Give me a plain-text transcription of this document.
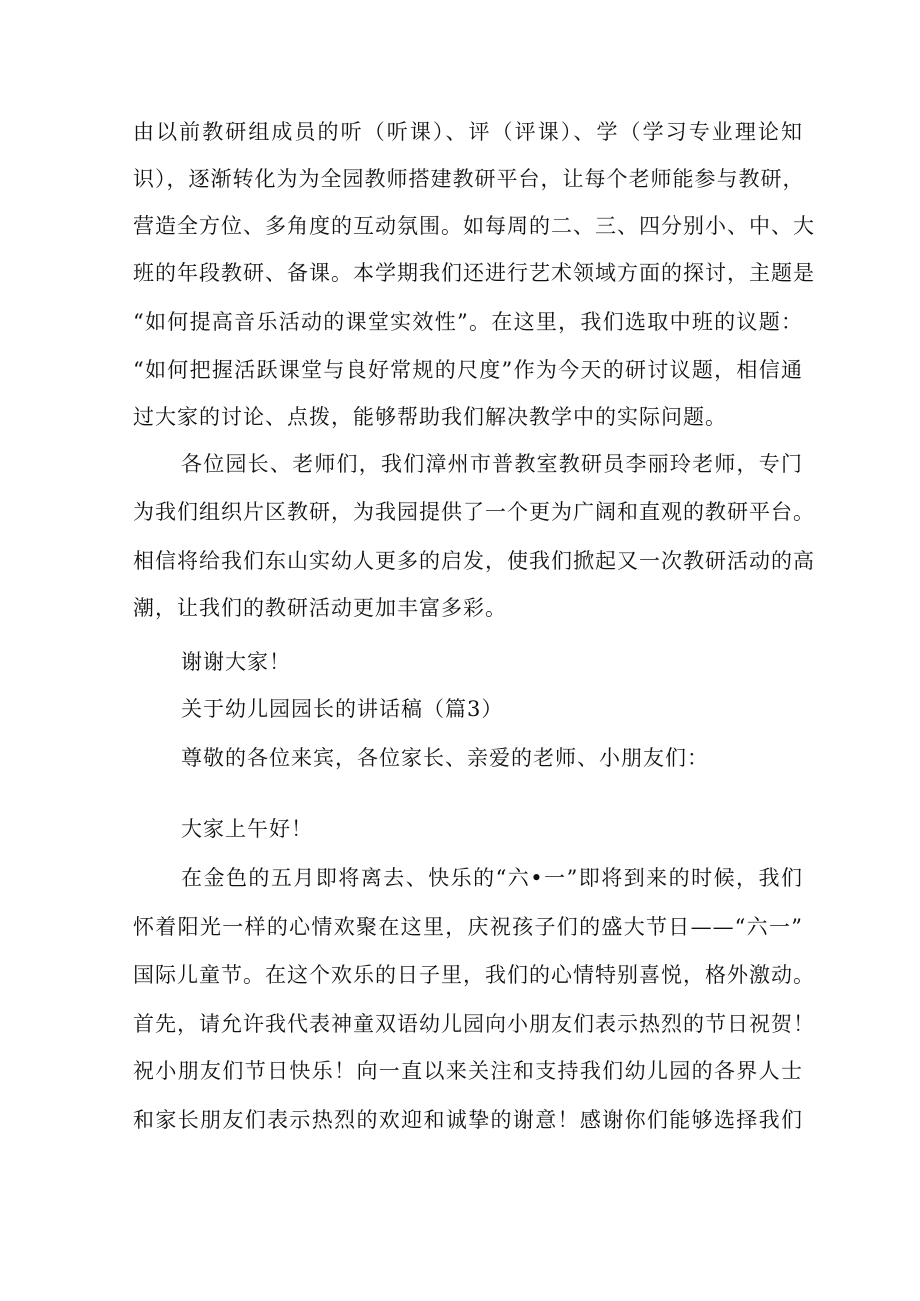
由以前教研组成员的听（听课）、评（评课）、学（学习专业理论知
识），逐渐转化为为全园教师搭建教研平台，让每个老师能参与教研，
营造全方位、多角度的互动氛围。如每周的二、三、四分别小、中、大
班的年段教研、备课。本学期我们还进行艺术领域方面的探讨，主题是
“如何提高音乐活动的课堂实效性”。在这里，我们选取中班的议题：
“如何把握活跃课堂与良好常规的尺度”作为今天的研讨议题，相信通
过大家的讨论、点拨，能够帮助我们解决教学中的实际问题。
各位园长、老师们，我们漳州市普教室教研员李丽玲老师，专门
为我们组织片区教研，为我园提供了一个更为广阔和直观的教研平台。
相信将给我们东山实幼人更多的启发，使我们掀起又一次教研活动的高
潮，让我们的教研活动更加丰富多彩。
谢谢大家！
关于幼儿园园长的讲话稿（篇3）
尊敬的各位来宾，各位家长、亲爱的老师、小朋友们：
大家上午好！
在金色的五月即将离去、快乐的“六•一”即将到来的时候，我们
怀着阳光一样的心情欢聚在这里，庆祝孩子们的盛大节日——“六一”
国际儿童节。在这个欢乐的日子里，我们的心情特别喜悦，格外激动。
首先，请允许我代表神童双语幼儿园向小朋友们表示热烈的节日祝贺！
祝小朋友们节日快乐！向一直以来关注和支持我们幼儿园的各界人士
和家长朋友们表示热烈的欢迎和诚挚的谢意！感谢你们能够选择我们
